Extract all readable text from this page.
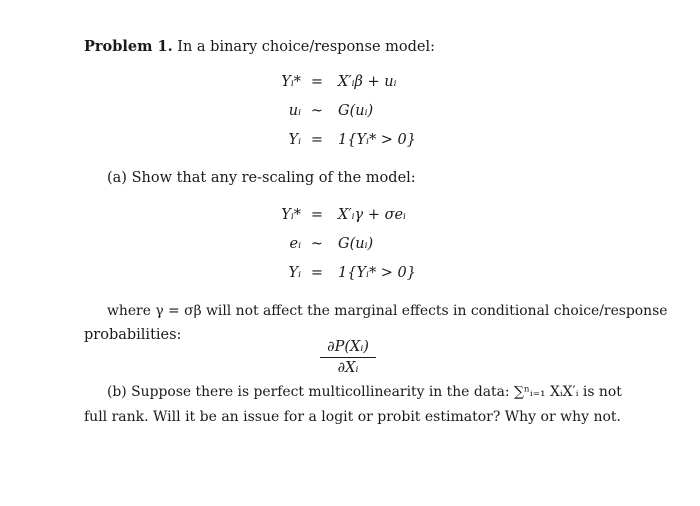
Problem 1. In a binary choice/response model:
Yᵢ* = X′ᵢβ + uᵢ
uᵢ ~ G(uᵢ)
Yᵢ = 1{Yᵢ* > 0}
(a) Show that any re-scaling of the model:
Yᵢ* = X′ᵢγ + σeᵢ
eᵢ ~ G(uᵢ)
Yᵢ = 1{Yᵢ* > 0}
where γ = σβ will not affect the marginal effects in conditional choice/response
probabilities:
∂P(Xᵢ)
∂Xᵢ
(b) Suppose there is perfect multicollinearity in the data: ∑ⁿᵢ₌₁ XᵢX′ᵢ is not
full rank. Will it be an issue for a logit or probit estimator? Why or why not.
